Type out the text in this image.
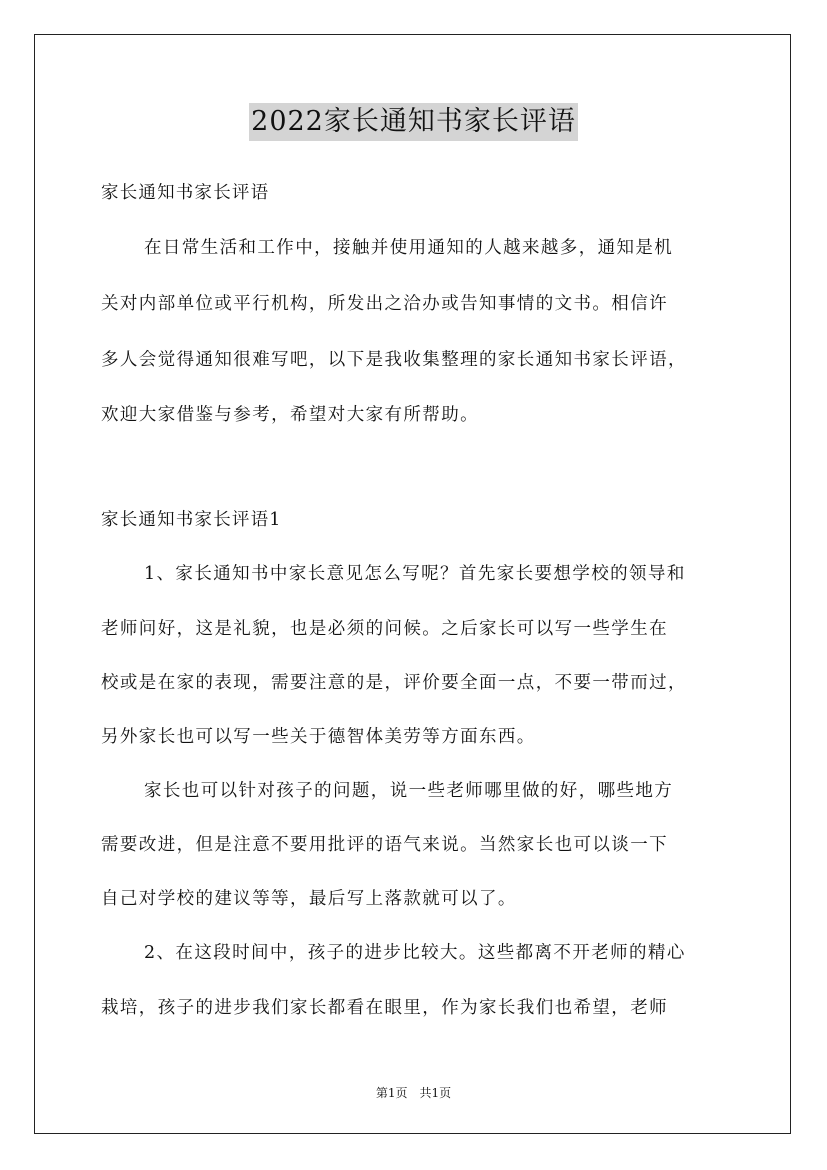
2022家长通知书家长评语
家长通知书家长评语
在日常生活和工作中，接触并使用通知的人越来越多，通知是机
关对内部单位或平行机构，所发出之洽办或告知事情的文书。相信许
多人会觉得通知很难写吧，以下是我收集整理的家长通知书家长评语，
欢迎大家借鉴与参考，希望对大家有所帮助。
家长通知书家长评语1
1、家长通知书中家长意见怎么写呢？首先家长要想学校的领导和
老师问好，这是礼貌，也是必须的问候。之后家长可以写一些学生在
校或是在家的表现，需要注意的是，评价要全面一点，不要一带而过，
另外家长也可以写一些关于德智体美劳等方面东西。
家长也可以针对孩子的问题，说一些老师哪里做的好，哪些地方
需要改进，但是注意不要用批评的语气来说。当然家长也可以谈一下
自己对学校的建议等等，最后写上落款就可以了。
2、在这段时间中，孩子的进步比较大。这些都离不开老师的精心
栽培，孩子的进步我们家长都看在眼里，作为家长我们也希望，老师
第1页　共1页
